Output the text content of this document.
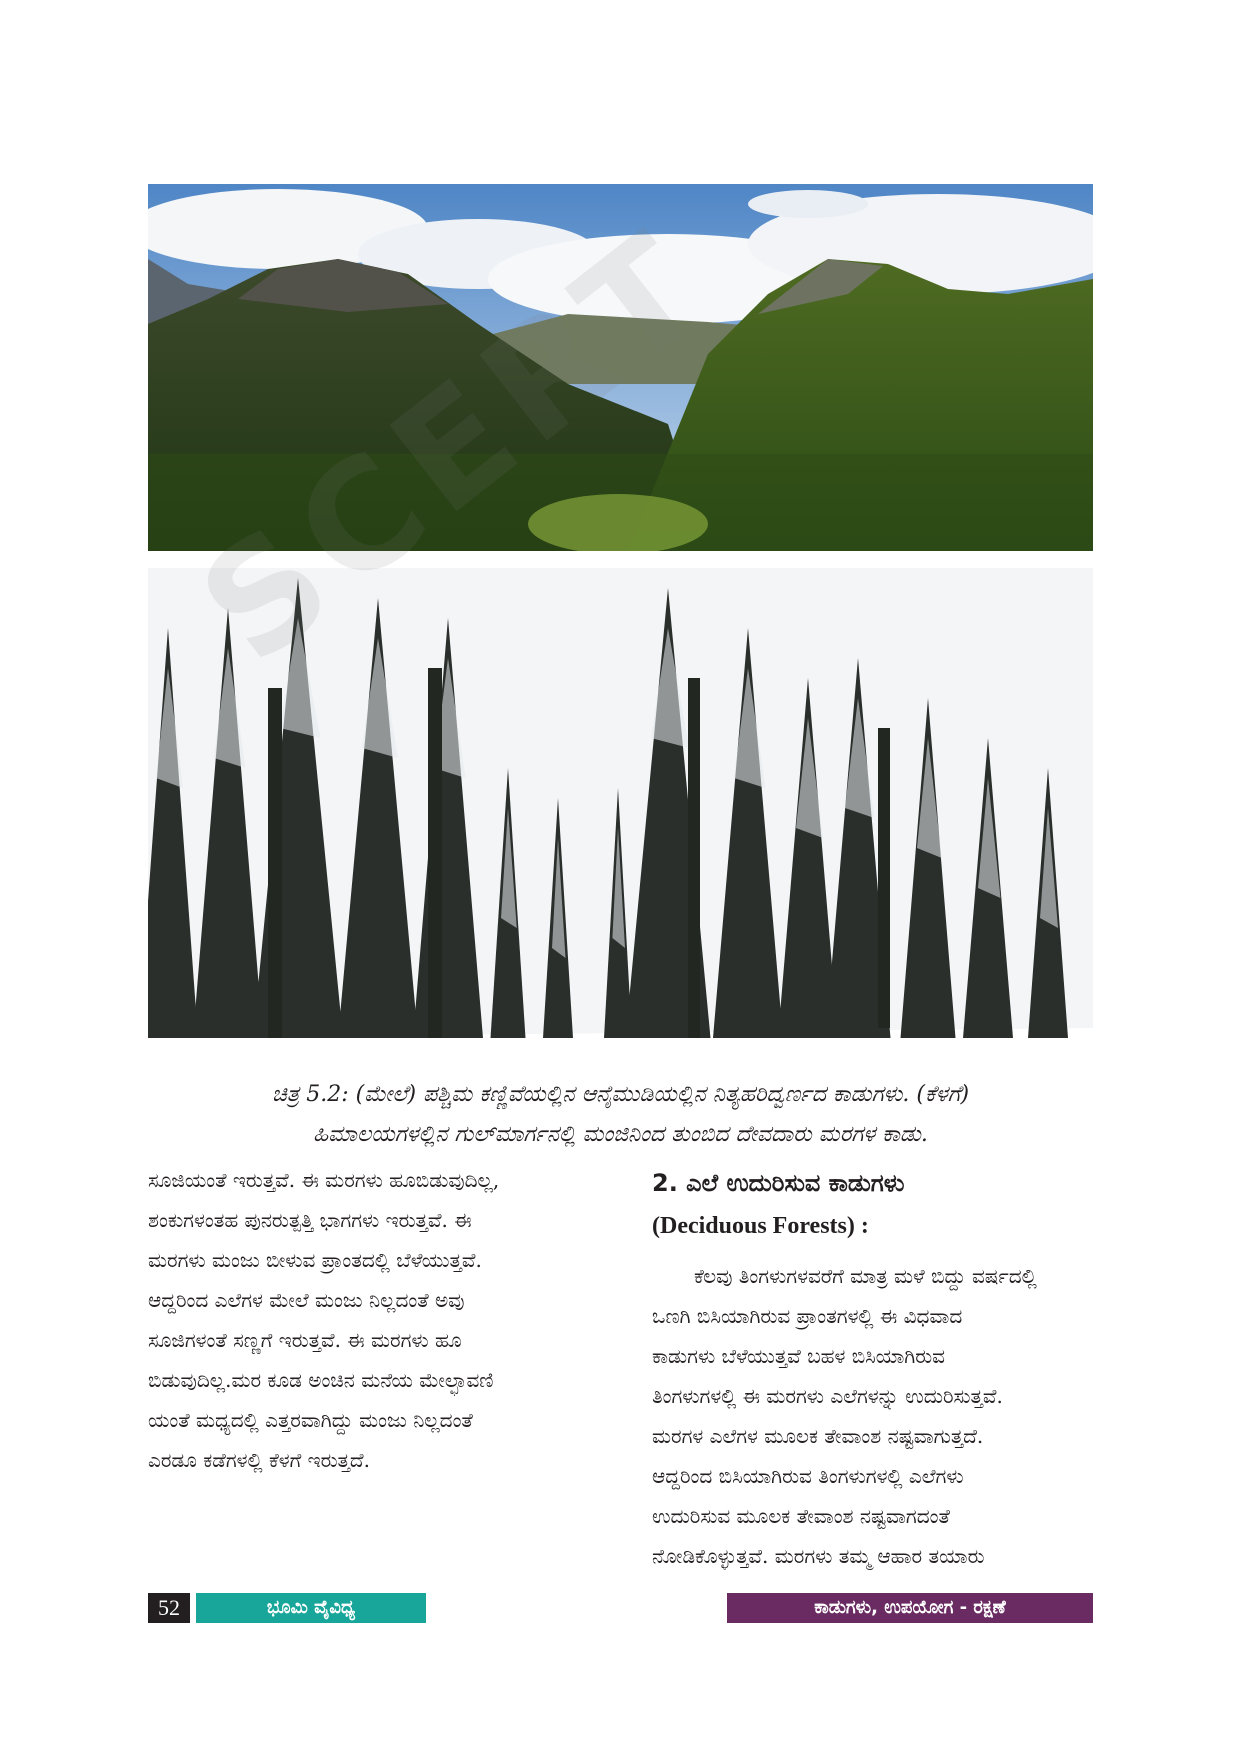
ಚಿತ್ರ 5.2: (ಮೇಲೆ) ಪಶ್ಚಿಮ ಕಣ್ಣಿವೆಯಲ್ಲಿನ ಆನೈಮುಡಿಯಲ್ಲಿನ ನಿತ್ಯಹರಿದ್ವರ್ಣದ ಕಾಡುಗಳು. (ಕೆಳಗೆ)
ಹಿಮಾಲಯಗಳಲ್ಲಿನ ಗುಲ್‌ಮಾರ್ಗನಲ್ಲಿ ಮಂಜಿನಿಂದ ತುಂಬಿದ ದೇವದಾರು ಮರಗಳ ಕಾಡು.

ಸೂಜಿಯಂತೆ ಇರುತ್ತವೆ. ಈ ಮರಗಳು ಹೂಬಿಡುವುದಿಲ್ಲ,

ಶಂಕುಗಳಂತಹ ಪುನರುತ್ಪತ್ತಿ ಭಾಗಗಳು ಇರುತ್ತವೆ. ಈ

ಮರಗಳು ಮಂಜು ಬೀಳುವ ಪ್ರಾಂತದಲ್ಲಿ ಬೆಳೆಯುತ್ತವೆ.

ಆದ್ದರಿಂದ ಎಲೆಗಳ ಮೇಲೆ ಮಂಜು ನಿಲ್ಲದಂತೆ ಅವು

ಸೂಜಿಗಳಂತೆ ಸಣ್ಣಗೆ ಇರುತ್ತವೆ. ಈ ಮರಗಳು ಹೂ

ಬಿಡುವುದಿಲ್ಲ.ಮರ ಕೂಡ ಅಂಚಿನ ಮನೆಯ ಮೇಲ್ಛಾವಣಿ

ಯಂತೆ ಮಧ್ಯದಲ್ಲಿ ಎತ್ತರವಾಗಿದ್ದು ಮಂಜು ನಿಲ್ಲದಂತೆ

ಎರಡೂ ಕಡೆಗಳಲ್ಲಿ ಕೆಳಗೆ ಇರುತ್ತದೆ.

2. ಎಲೆ ಉದುರಿಸುವ ಕಾಡುಗಳು
(Deciduous Forests) :

ಕೆಲವು ತಿಂಗಳುಗಳವರೆಗೆ ಮಾತ್ರ ಮಳೆ ಬಿದ್ದು ವರ್ಷದಲ್ಲಿ

ಒಣಗಿ ಬಿಸಿಯಾಗಿರುವ ಪ್ರಾಂತಗಳಲ್ಲಿ ಈ ವಿಧವಾದ

ಕಾಡುಗಳು ಬೆಳೆಯುತ್ತವೆ ಬಹಳ ಬಿಸಿಯಾಗಿರುವ

ತಿಂಗಳುಗಳಲ್ಲಿ ಈ ಮರಗಳು ಎಲೆಗಳನ್ನು ಉದುರಿಸುತ್ತವೆ.

ಮರಗಳ ಎಲೆಗಳ ಮೂಲಕ ತೇವಾಂಶ ನಷ್ಟವಾಗುತ್ತದೆ.

ಆದ್ದರಿಂದ ಬಿಸಿಯಾಗಿರುವ ತಿಂಗಳುಗಳಲ್ಲಿ ಎಲೆಗಳು

ಉದುರಿಸುವ ಮೂಲಕ ತೇವಾಂಶ ನಷ್ಟವಾಗದಂತೆ

ನೋಡಿಕೊಳ್ಳುತ್ತವೆ. ಮರಗಳು ತಮ್ಮ ಆಹಾರ ತಯಾರು

52	ಭೂಮಿ ವೈವಿಧ್ಯ	ಕಾಡುಗಳು, ಉಪಯೋಗ - ರಕ್ಷಣೆ
